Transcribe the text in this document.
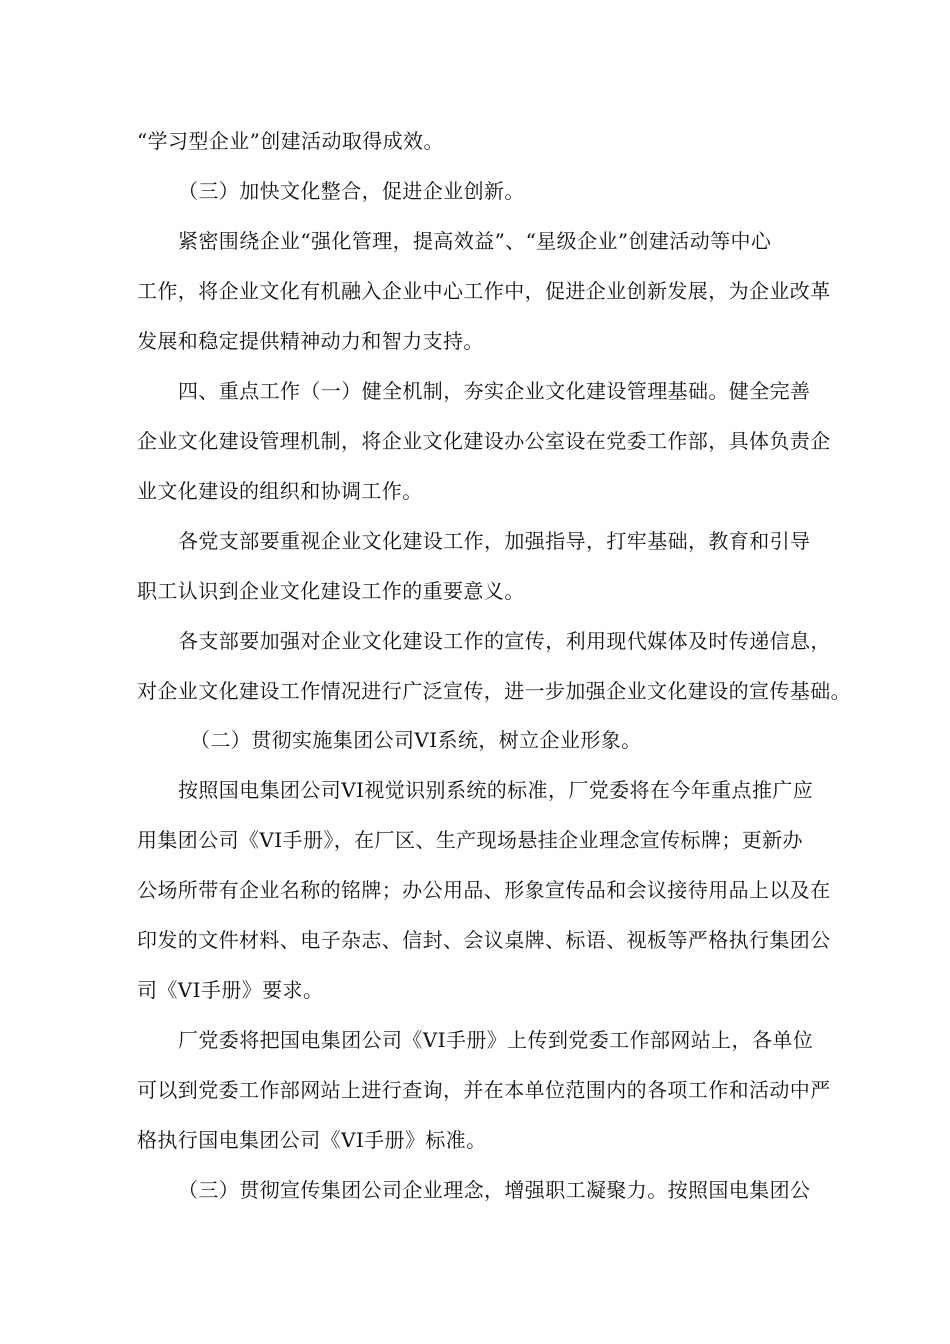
“学习型企业”创建活动取得成效。
（三）加快文化整合，促进企业创新。
紧密围绕企业“强化管理，提高效益”、“星级企业”创建活动等中心
工作，将企业文化有机融入企业中心工作中，促进企业创新发展，为企业改革
发展和稳定提供精神动力和智力支持。
四、重点工作（一）健全机制，夯实企业文化建设管理基础。健全完善
企业文化建设管理机制，将企业文化建设办公室设在党委工作部，具体负责企
业文化建设的组织和协调工作。
各党支部要重视企业文化建设工作，加强指导，打牢基础，教育和引导
职工认识到企业文化建设工作的重要意义。
各支部要加强对企业文化建设工作的宣传，利用现代媒体及时传递信息，
对企业文化建设工作情况进行广泛宣传，进一步加强企业文化建设的宣传基础。
（二）贯彻实施集团公司VI系统，树立企业形象。
按照国电集团公司VI视觉识别系统的标准，厂党委将在今年重点推广应
用集团公司《VI手册》，在厂区、生产现场悬挂企业理念宣传标牌；更新办
公场所带有企业名称的铭牌；办公用品、形象宣传品和会议接待用品上以及在
印发的文件材料、电子杂志、信封、会议桌牌、标语、视板等严格执行集团公
司《VI手册》要求。
厂党委将把国电集团公司《VI手册》上传到党委工作部网站上，各单位
可以到党委工作部网站上进行查询，并在本单位范围内的各项工作和活动中严
格执行国电集团公司《VI手册》标准。
（三）贯彻宣传集团公司企业理念，增强职工凝聚力。按照国电集团公
